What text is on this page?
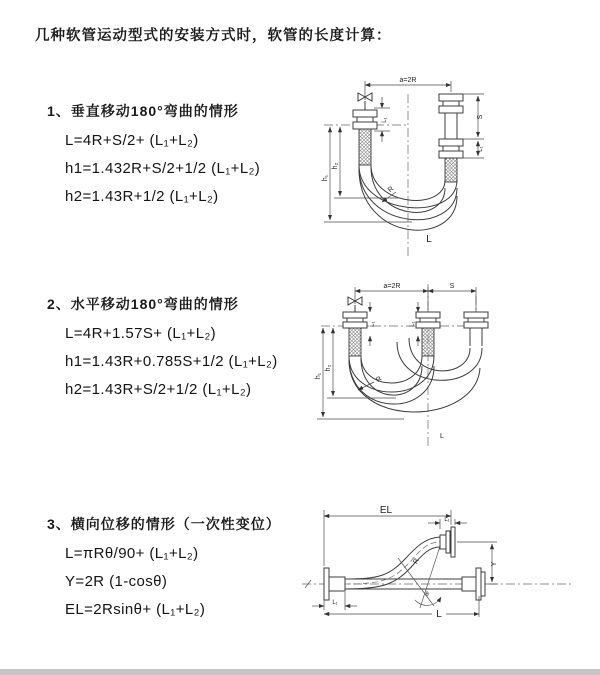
几种软管运动型式的安装方式时，软管的长度计算：
1、垂直移动180°弯曲的情形
L=4R+S/2+ (L₁+L₂)
h1=1.432R+S/2+1/2 (L₁+L₂)
h2=1.43R+1/2 (L₁+L₂)
a=2R
h₁
h₂
L₁
S
L₁
R
L
2、水平移动180°弯曲的情形
L=4R+1.57S+ (L₁+L₂)
h1=1.43R+0.785S+1/2 (L₁+L₂)
h2=1.43R+S/2+1/2 (L₁+L₂)
a=2R	S
h₁
h₂
L₁	L₁
R
L
3、横向位移的情形（一次性变位）
L=πRθ/90+ (L₁+L₂)
Y=2R (1-cosθ)
EL=2Rsinθ+ (L₁+L₂)
R
θ
EL
L₁
Y
L₁
L
